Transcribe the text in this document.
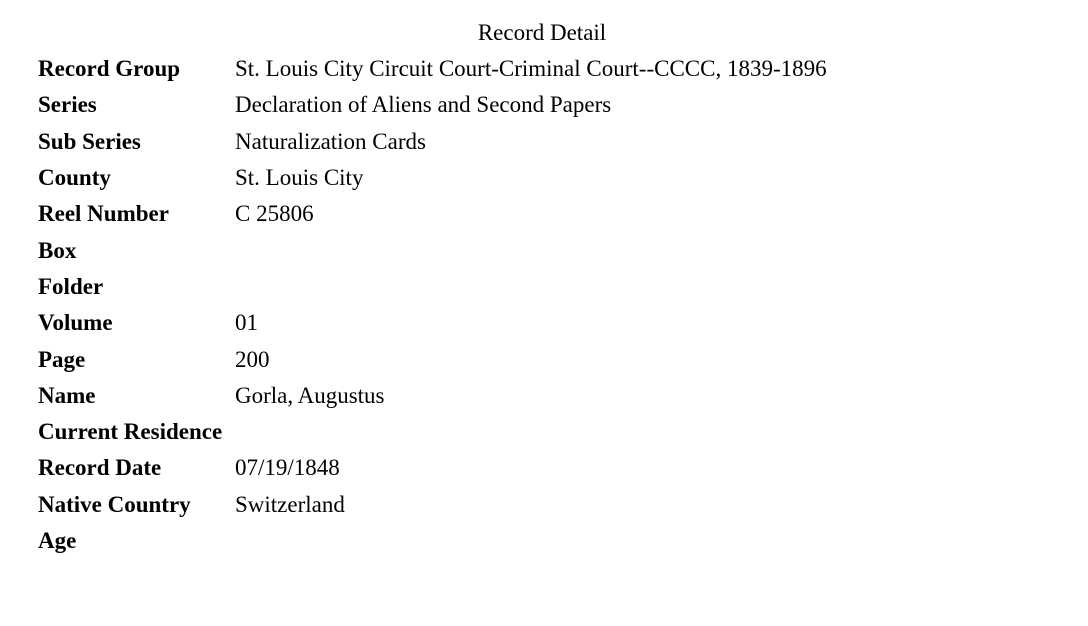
Record Detail
Record Group	St. Louis City Circuit Court-Criminal Court--CCCC, 1839-1896
Series	Declaration of Aliens and Second Papers
Sub Series	Naturalization Cards
County	St. Louis City
Reel Number	C 25806
Box
Folder
Volume	01
Page	200
Name	Gorla, Augustus
Current Residence
Record Date	07/19/1848
Native Country	Switzerland
Age
